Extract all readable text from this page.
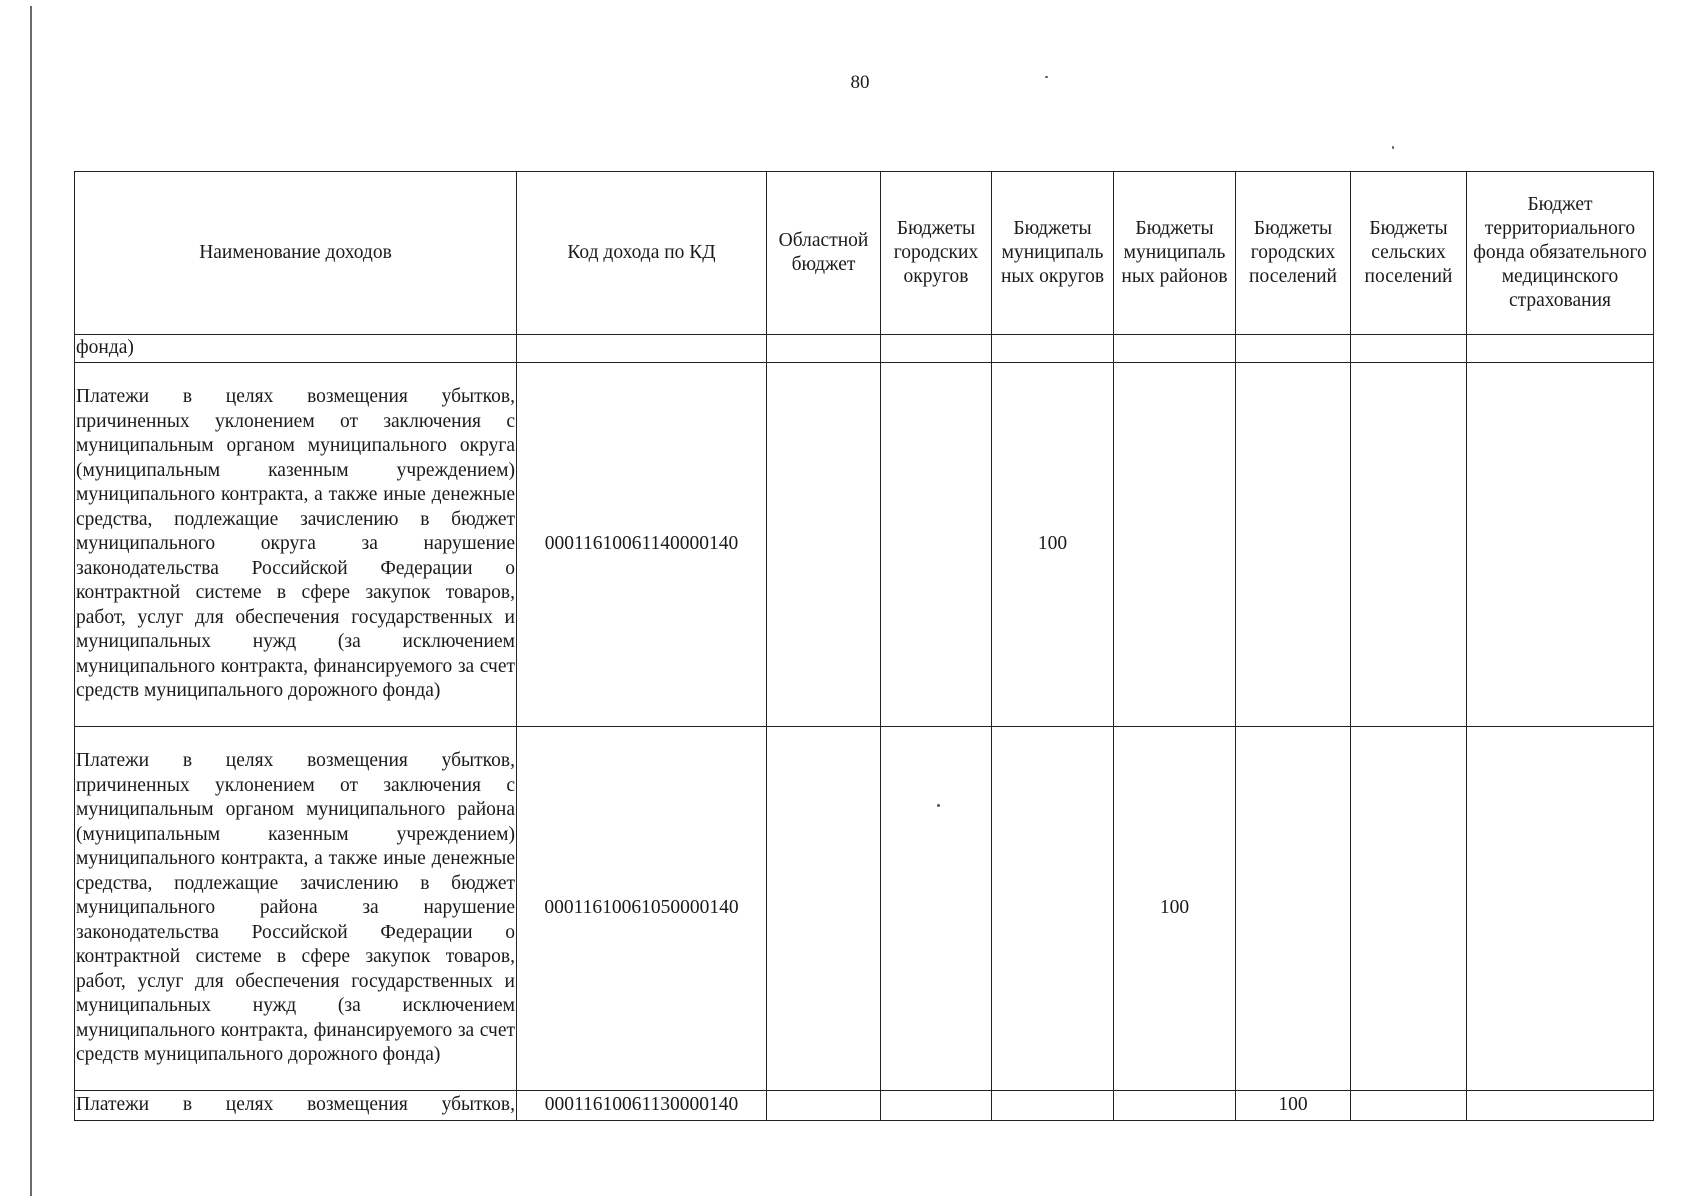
80
Наименование доходов	Код дохода по КД	Областной бюджет	Бюджеты городских округов	Бюджеты муниципаль ных округов	Бюджеты муниципаль ных районов	Бюджеты городских поселений	Бюджеты сельских поселений	Бюджет территориального фонда обязательного медицинского страхования
фонда)								
Платежи в целях возмещения убытков, причиненных уклонением от заключения с муниципальным органом муниципального округа (муниципальным казенным учреждением) муниципального контракта, а также иные денежные средства, подлежащие зачислению в бюджет муниципального округа за нарушение законодательства Российской Федерации о контрактной системе в сфере закупок товаров, работ, услуг для обеспечения государственных и муниципальных нужд (за исключением муниципального контракта, финансируемого за счет средств муниципального дорожного фонда)	00011610061140000140			100				
Платежи в целях возмещения убытков, причиненных уклонением от заключения с муниципальным органом муниципального района (муниципальным казенным учреждением) муниципального контракта, а также иные денежные средства, подлежащие зачислению в бюджет муниципального района за нарушение законодательства Российской Федерации о контрактной системе в сфере закупок товаров, работ, услуг для обеспечения государственных и муниципальных нужд (за исключением муниципального контракта, финансируемого за счет средств муниципального дорожного фонда)	00011610061050000140				100			
Платежи в целях возмещения убытков,	00011610061130000140					100		
